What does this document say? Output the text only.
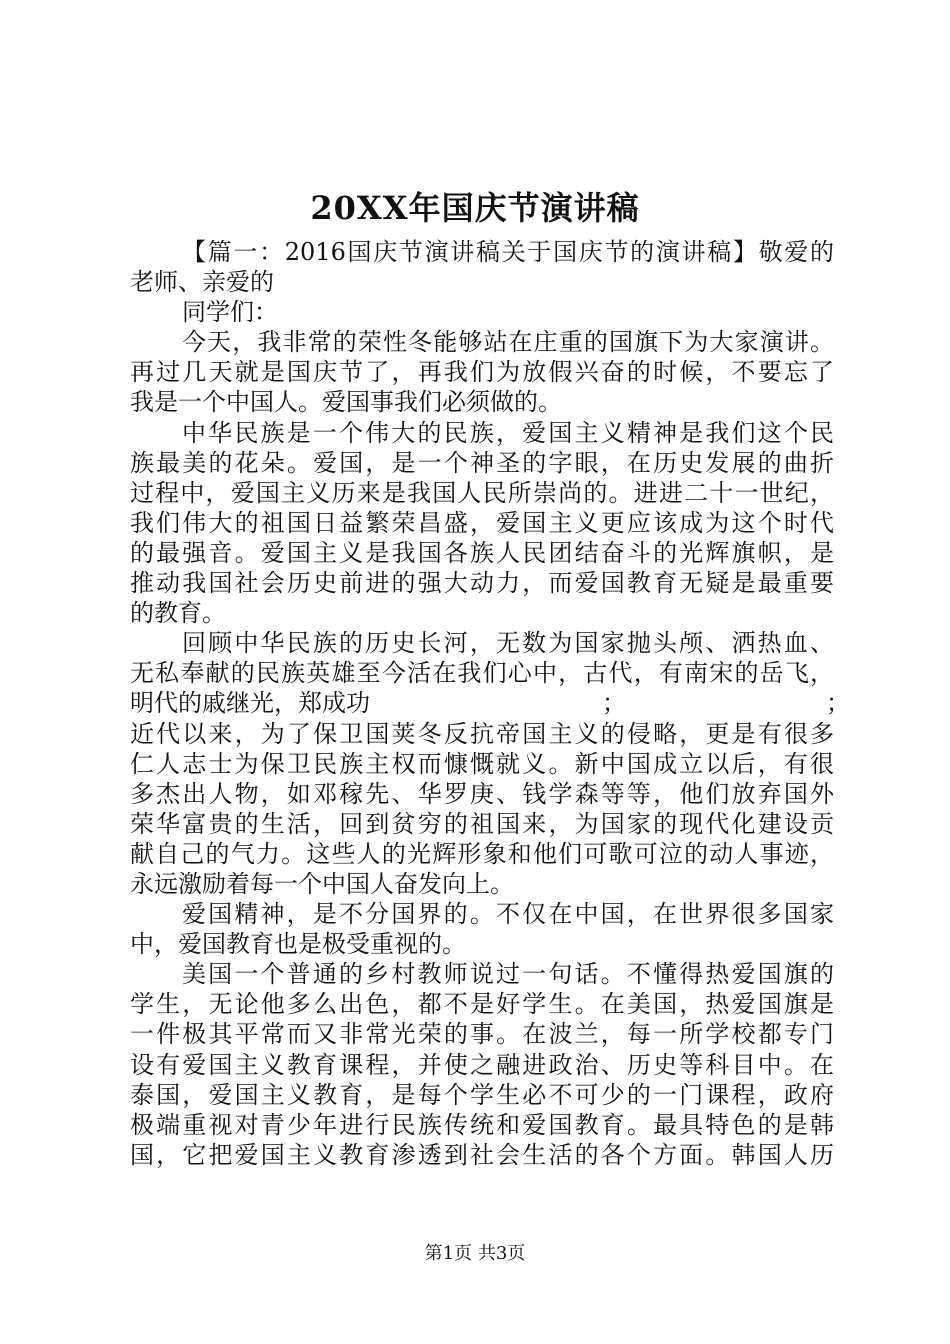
20XX年国庆节演讲稿
【篇一：2016国庆节演讲稿关于国庆节的演讲稿】敬爱的
老师、亲爱的
同学们：
今天，我非常的荣性冬能够站在庄重的国旗下为大家演讲。
再过几天就是国庆节了，再我们为放假兴奋的时候，不要忘了
我是一个中国人。爱国事我们必须做的。
中华民族是一个伟大的民族，爱国主义精神是我们这个民
族最美的花朵。爱国，是一个神圣的字眼，在历史发展的曲折
过程中，爱国主义历来是我国人民所崇尚的。进进二十一世纪，
我们伟大的祖国日益繁荣昌盛，爱国主义更应该成为这个时代
的最强音。爱国主义是我国各族人民团结奋斗的光辉旗帜，是
推动我国社会历史前进的强大动力，而爱国教育无疑是最重要
的教育。
回顾中华民族的历史长河，无数为国家抛头颅、洒热血、
无私奉献的民族英雄至今活在我们心中，古代，有南宋的岳飞，
明代的戚继光，郑成功	；	；
近代以来，为了保卫国荚冬反抗帝国主义的侵略，更是有很多
仁人志士为保卫民族主权而慷慨就义。新中国成立以后，有很
多杰出人物，如邓稼先、华罗庚、钱学森等等，他们放弃国外
荣华富贵的生活，回到贫穷的祖国来，为国家的现代化建设贡
献自己的气力。这些人的光辉形象和他们可歌可泣的动人事迹，
永远激励着每一个中国人奋发向上。
爱国精神，是不分国界的。不仅在中国，在世界很多国家
中，爱国教育也是极受重视的。
美国一个普通的乡村教师说过一句话。不懂得热爱国旗的
学生，无论他多么出色，都不是好学生。在美国，热爱国旗是
一件极其平常而又非常光荣的事。在波兰，每一所学校都专门
设有爱国主义教育课程，并使之融进政治、历史等科目中。在
泰国，爱国主义教育，是每个学生必不可少的一门课程，政府
极端重视对青少年进行民族传统和爱国教育。最具特色的是韩
国，它把爱国主义教育渗透到社会生活的各个方面。韩国人历
第1页 共3页
